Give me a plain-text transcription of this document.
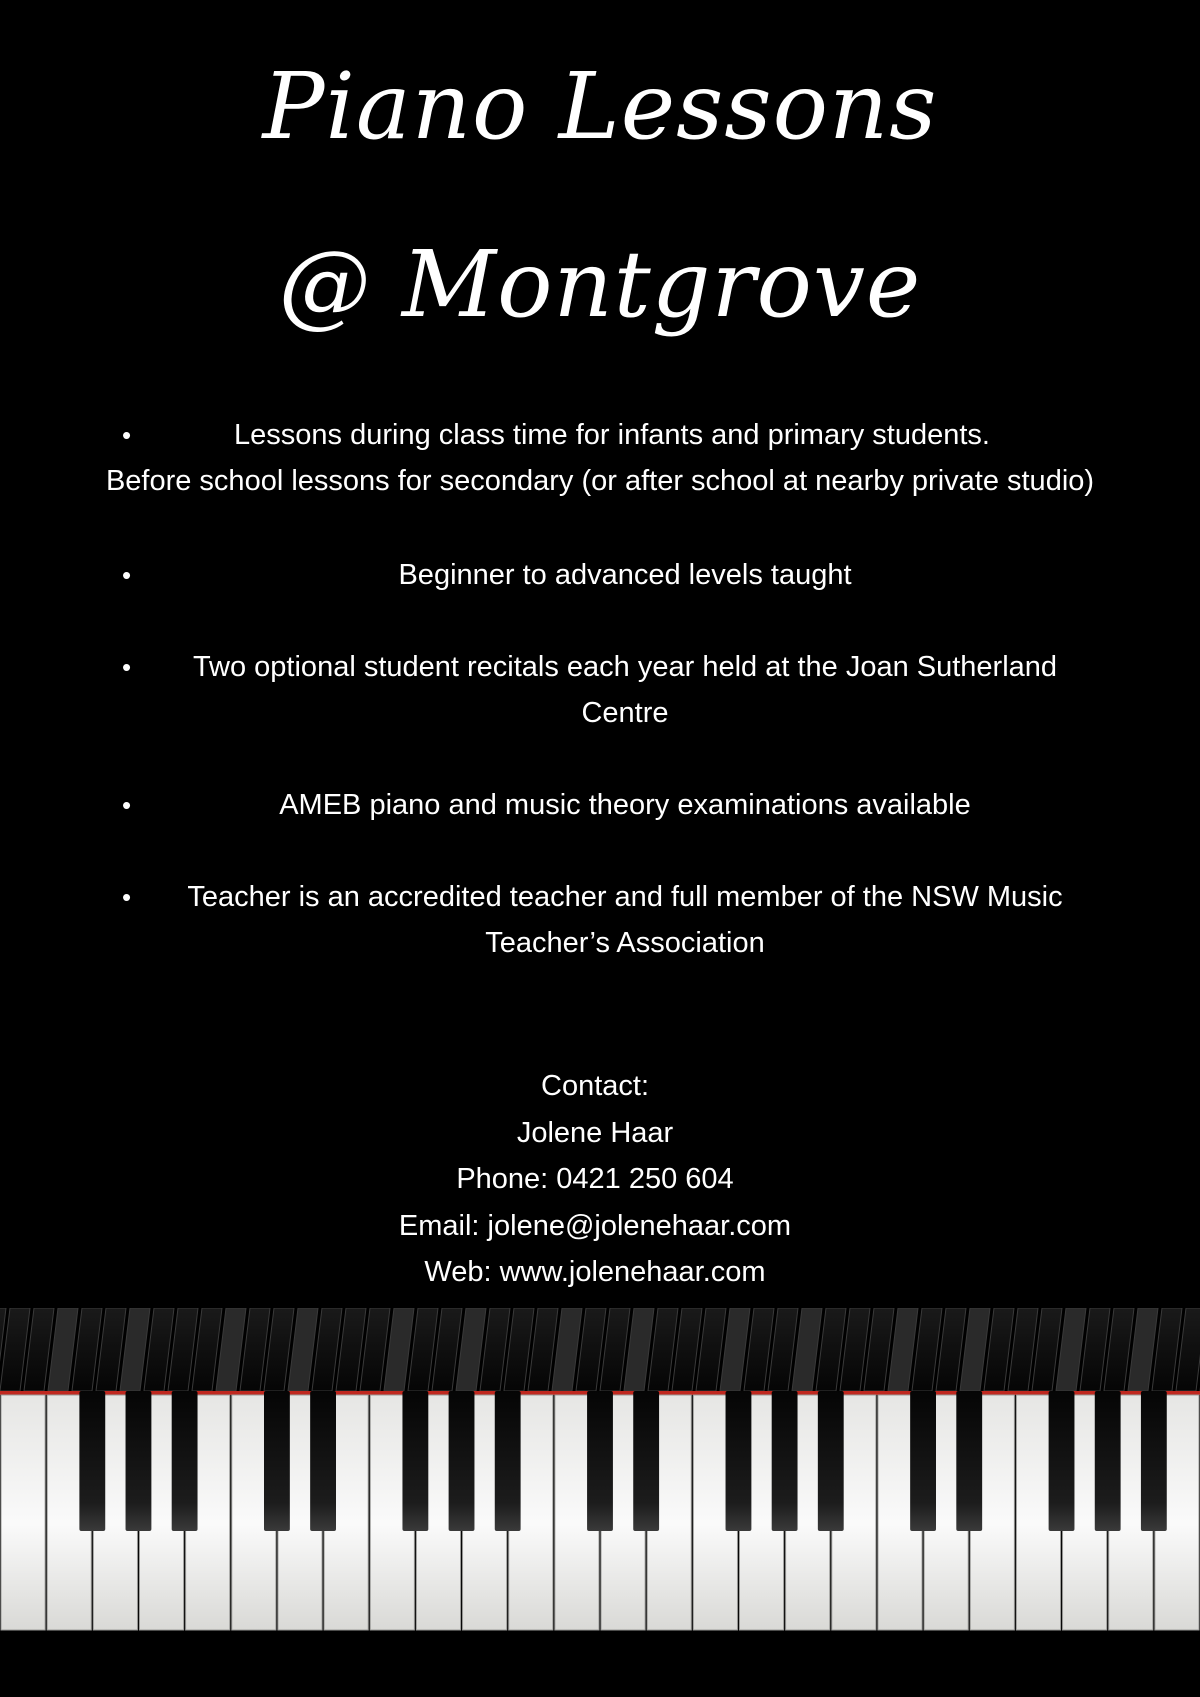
Piano Lessons
@ Montgrove
•	Lessons during class time for infants and primary students.
Before school lessons for secondary (or after school at nearby private studio)
•	Beginner to advanced levels taught
•	Two optional student recitals each year held at the Joan Sutherland
Centre
•	AMEB piano and music theory examinations available
•	Teacher is an accredited teacher and full member of the NSW Music
Teacher’s Association
Contact:
Jolene Haar
Phone: 0421 250 604
Email: jolene@jolenehaar.com
Web: www.jolenehaar.com
